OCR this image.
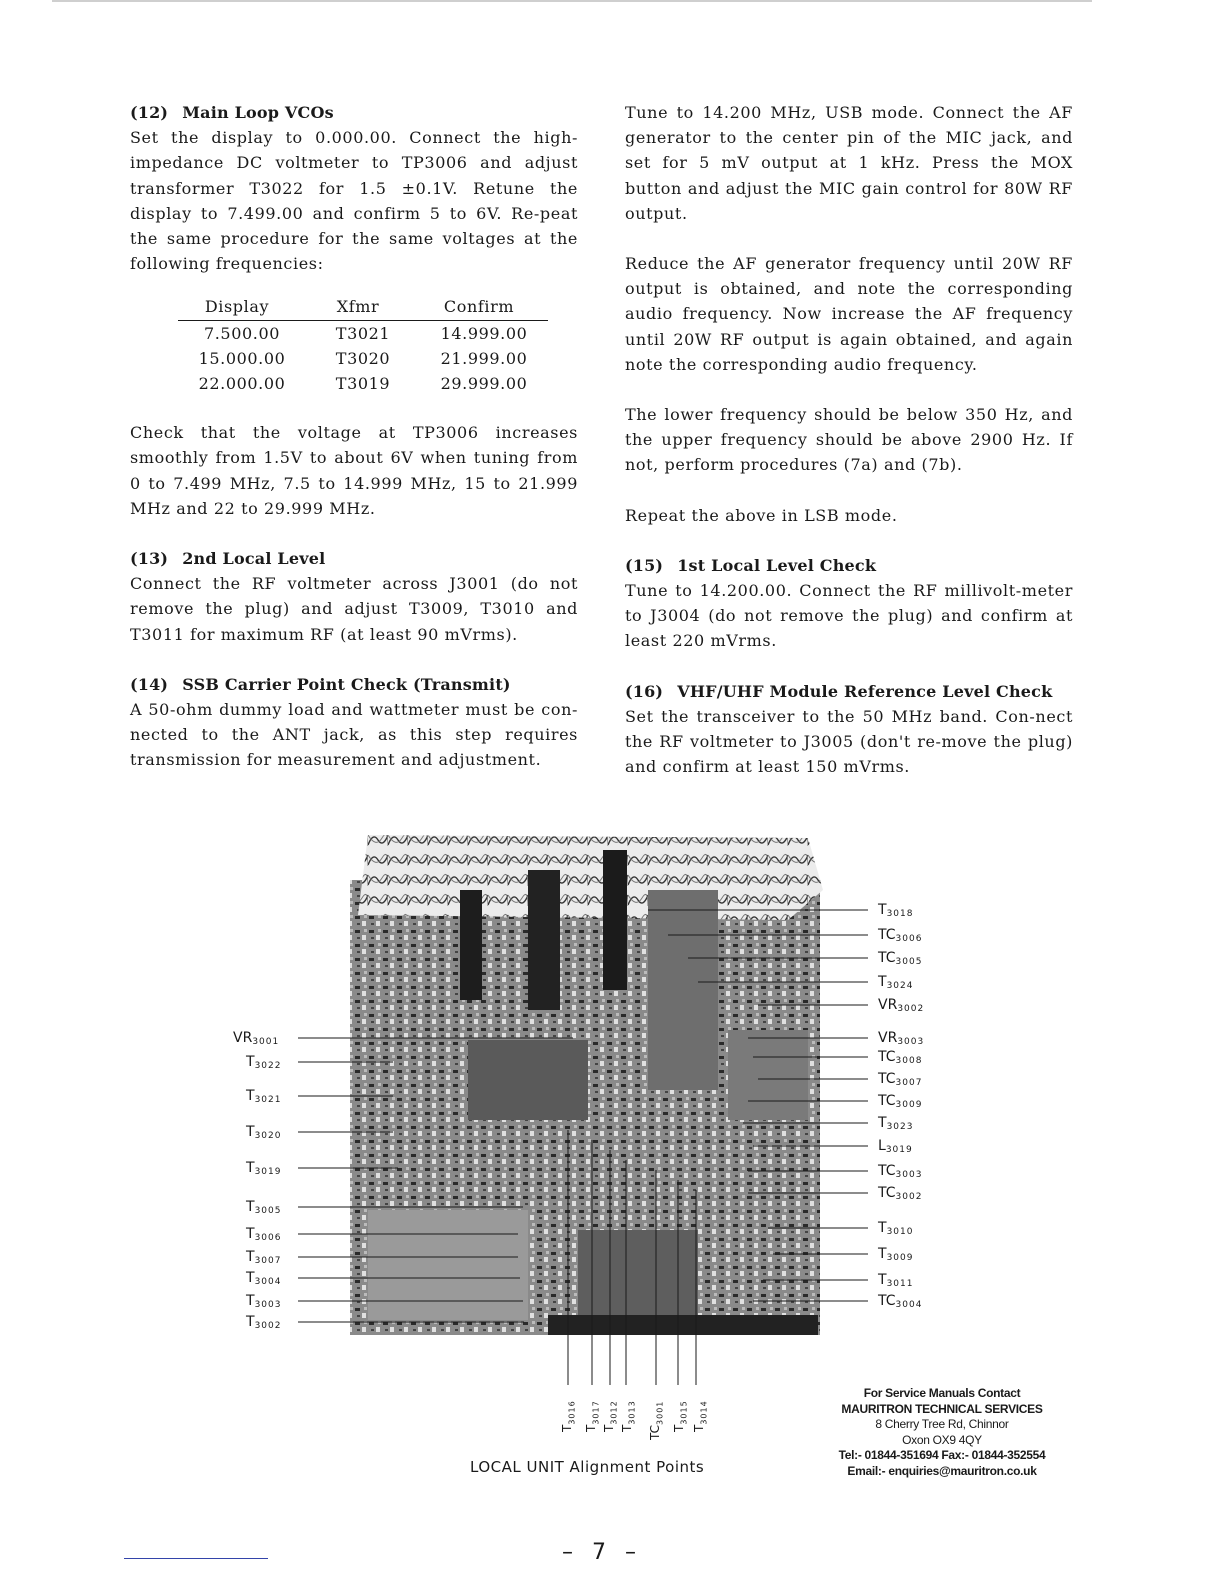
(12) Main Loop VCOs

Set the display to 0.000.00. Connect the high-impedance DC voltmeter to TP3006 and adjust transformer T3022 for 1.5 ±0.1V. Retune the display to 7.499.00 and confirm 5 to 6V. Re-peat the same procedure for the same voltages at the following frequencies:

Display	Xfmr	Confirm
7.500.00	T3021	14.999.00
15.000.00	T3020	21.999.00
22.000.00	T3019	29.999.00

Check that the voltage at TP3006 increases smoothly from 1.5V to about 6V when tuning from 0 to 7.499 MHz, 7.5 to 14.999 MHz, 15 to 21.999 MHz and 22 to 29.999 MHz.

(13) 2nd Local Level

Connect the RF voltmeter across J3001 (do not remove the plug) and adjust T3009, T3010 and T3011 for maximum RF (at least 90 mVrms).

(14) SSB Carrier Point Check (Transmit)

A 50-ohm dummy load and wattmeter must be con-nected to the ANT jack, as this step requires transmission for measurement and adjustment.

Tune to 14.200 MHz, USB mode. Connect the AF generator to the center pin of the MIC jack, and set for 5 mV output at 1 kHz. Press the MOX button and adjust the MIC gain control for 80W RF output.

Reduce the AF generator frequency until 20W RF output is obtained, and note the corresponding audio frequency. Now increase the AF frequency until 20W RF output is again obtained, and again note the corresponding audio frequency.

The lower frequency should be below 350 Hz, and the upper frequency should be above 2900 Hz. If not, perform procedures (7a) and (7b).

Repeat the above in LSB mode.

(15) 1st Local Level Check

Tune to 14.200.00. Connect the RF millivolt-meter to J3004 (do not remove the plug) and confirm at least 220 mVrms.

(16) VHF/UHF Module Reference Level Check

Set the transceiver to the 50 MHz band. Con-nect the RF voltmeter to J3005 (don't re-move the plug) and confirm at least 150 mVrms.

$VR_{3001}$
$T_{3022}$
$T_{3021}$
$T_{3020}$
$T_{3019}$
$T_{3005}$
$T_{3006}$
$T_{3007}$
$T_{3004}$
$T_{3003}$
$T_{3002}$
$T_{3018}$
$TC_{3006}$
$TC_{3005}$
$T_{3024}$
$VR_{3002}$
$VR_{3003}$
$TC_{3008}$
$TC_{3007}$
$TC_{3009}$
$T_{3023}$
$L_{3019}$
$TC_{3003}$
$TC_{3002}$
$T_{3010}$
$T_{3009}$
$T_{3011}$
$TC_{3004}$
$T_{3016}$
$T_{3017}$
$T_{3012}$
$T_{3013}$
$TC_{3001}$
$T_{3015}$
$T_{3014}$
LOCAL UNIT Alignment Points
For Service Manuals Contact
MAURITRON TECHNICAL SERVICES
8 Cherry Tree Rd, Chinnor
Oxon OX9 4QY
Tel:- 01844-351694 Fax:- 01844-352554
Email:- enquiries@mauritron.co.uk
– 7 –
